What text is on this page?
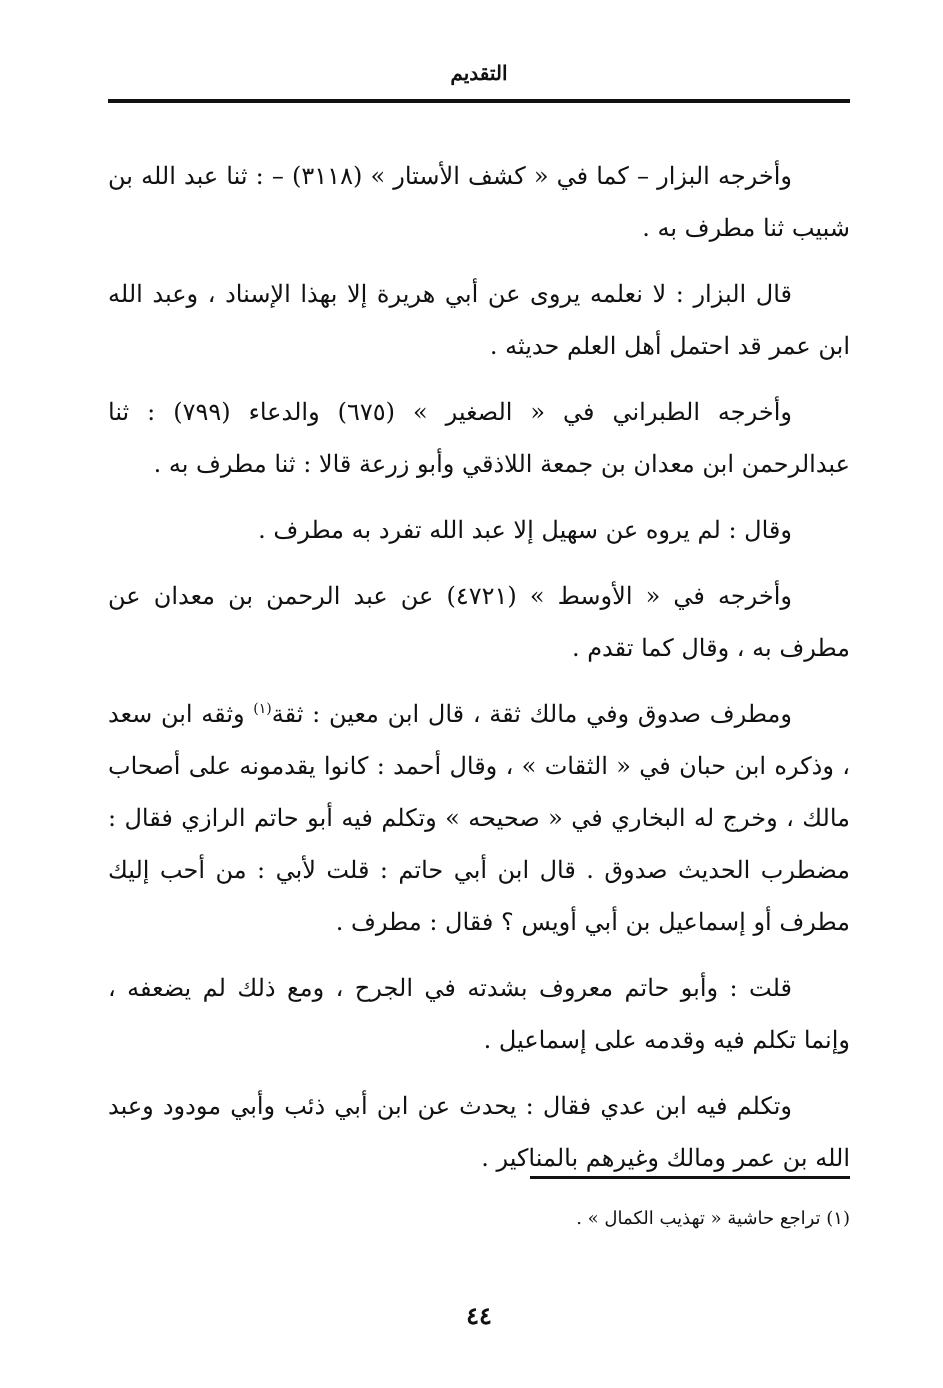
التقديم

وأخرجه البزار – كما في « كشف الأستار » (٣١١٨) – : ثنا عبد الله بن شبيب ثنا مطرف به .

قال البزار : لا نعلمه يروى عن أبي هريرة إلا بهذا الإسناد ، وعبد الله ابن عمر قد احتمل أهل العلم حديثه .

وأخرجه الطبراني في « الصغير » (٦٧٥) والدعاء (٧٩٩) : ثنا عبدالرحمن ابن معدان بن جمعة اللاذقي وأبو زرعة قالا : ثنا مطرف به .

وقال : لم يروه عن سهيل إلا عبد الله تفرد به مطرف .

وأخرجه في « الأوسط » (٤٧٢١) عن عبد الرحمن بن معدان عن مطرف به ، وقال كما تقدم .

ومطرف صدوق وفي مالك ثقة ، قال ابن معين : ثقة$^{(١)}$ وثقه ابن سعد ، وذكره ابن حبان في « الثقات » ، وقال أحمد : كانوا يقدمونه على أصحاب مالك ، وخرج له البخاري في « صحيحه » وتكلم فيه أبو حاتم الرازي فقال : مضطرب الحديث صدوق . قال ابن أبي حاتم : قلت لأبي : من أحب إليك مطرف أو إسماعيل بن أبي أويس ؟ فقال : مطرف .

قلت : وأبو حاتم معروف بشدته في الجرح ، ومع ذلك لم يضعفه ، وإنما تكلم فيه وقدمه على إسماعيل .

وتكلم فيه ابن عدي فقال : يحدث عن ابن أبي ذئب وأبي مودود وعبد الله بن عمر ومالك وغيرهم بالمناكير .

(١) تراجع حاشية « تهذيب الكمال » .
٤٤
